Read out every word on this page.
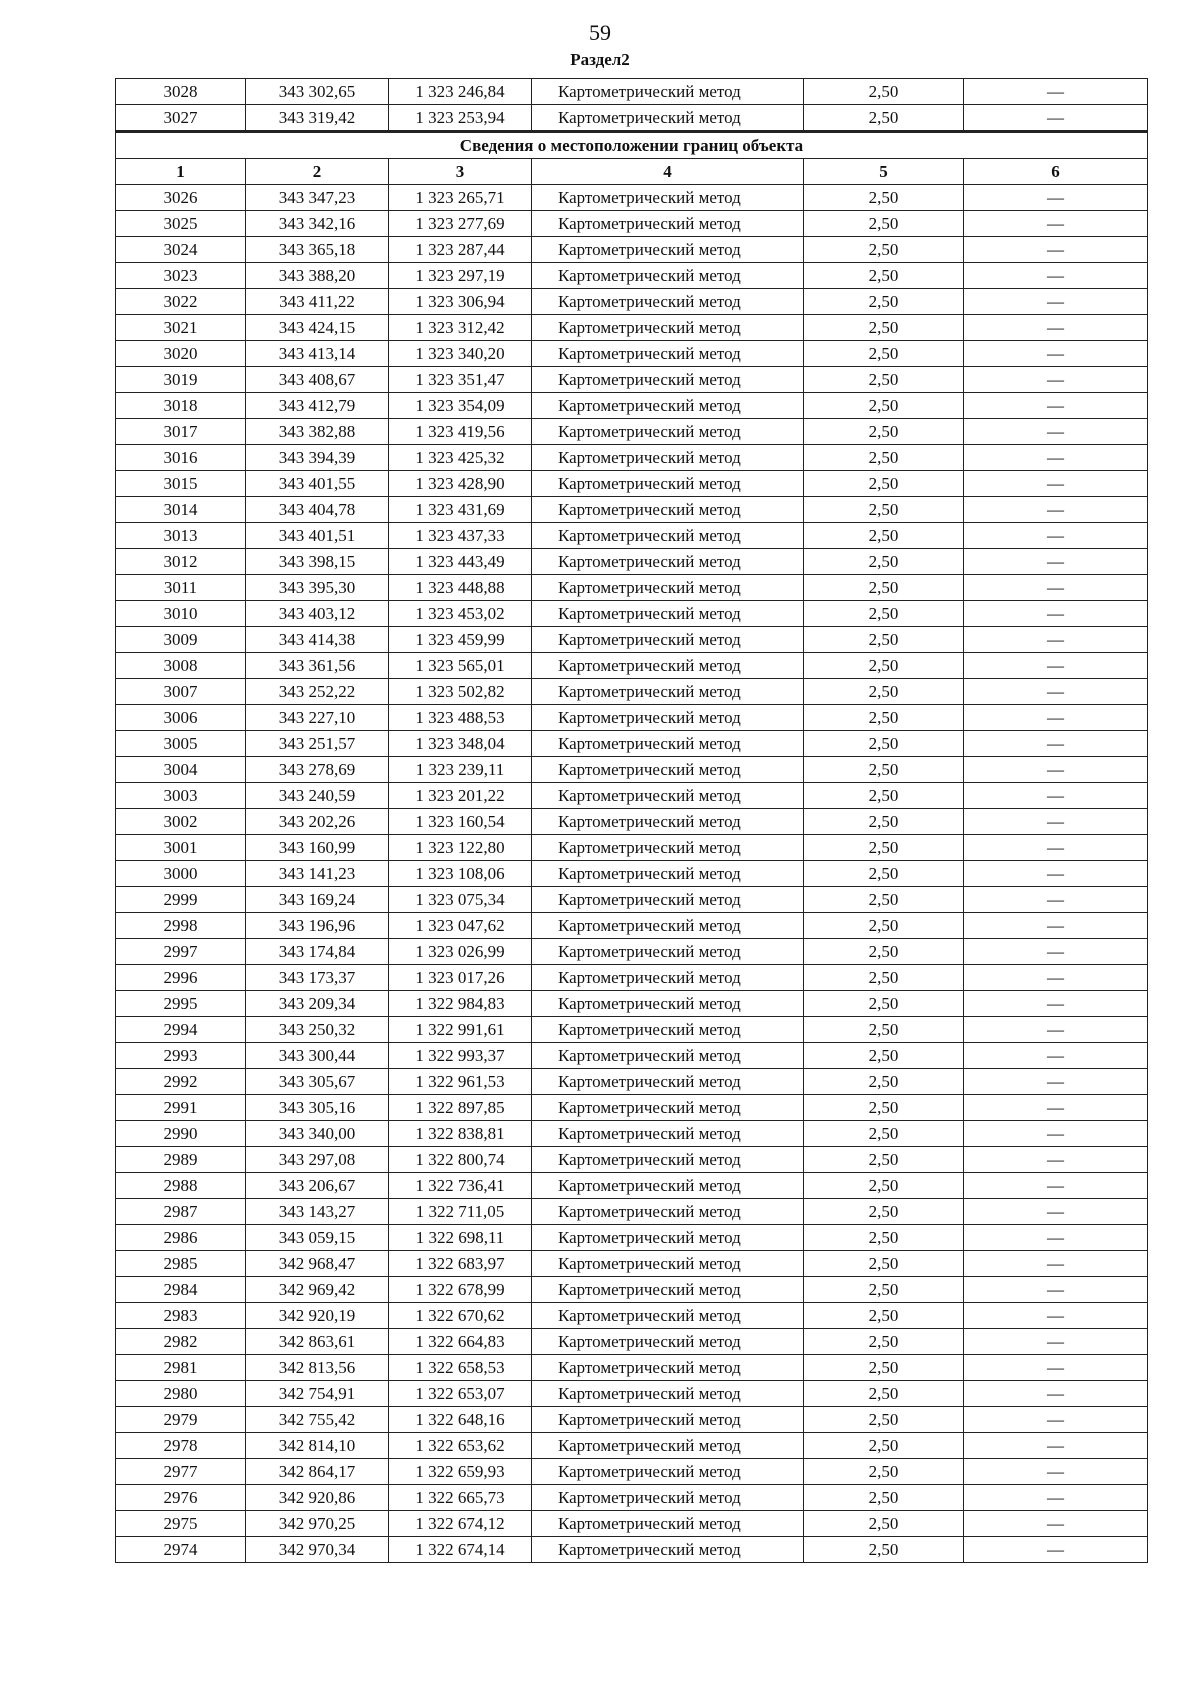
59
Раздел2
3028	343 302,65	1 323 246,84	Картометрический метод	2,50	—
3027	343 319,42	1 323 253,94	Картометрический метод	2,50	—
Сведения о местоположении границ объекта					
1	2	3	4	5	6
3026	343 347,23	1 323 265,71	Картометрический метод	2,50	—
3025	343 342,16	1 323 277,69	Картометрический метод	2,50	—
3024	343 365,18	1 323 287,44	Картометрический метод	2,50	—
3023	343 388,20	1 323 297,19	Картометрический метод	2,50	—
3022	343 411,22	1 323 306,94	Картометрический метод	2,50	—
3021	343 424,15	1 323 312,42	Картометрический метод	2,50	—
3020	343 413,14	1 323 340,20	Картометрический метод	2,50	—
3019	343 408,67	1 323 351,47	Картометрический метод	2,50	—
3018	343 412,79	1 323 354,09	Картометрический метод	2,50	—
3017	343 382,88	1 323 419,56	Картометрический метод	2,50	—
3016	343 394,39	1 323 425,32	Картометрический метод	2,50	—
3015	343 401,55	1 323 428,90	Картометрический метод	2,50	—
3014	343 404,78	1 323 431,69	Картометрический метод	2,50	—
3013	343 401,51	1 323 437,33	Картометрический метод	2,50	—
3012	343 398,15	1 323 443,49	Картометрический метод	2,50	—
3011	343 395,30	1 323 448,88	Картометрический метод	2,50	—
3010	343 403,12	1 323 453,02	Картометрический метод	2,50	—
3009	343 414,38	1 323 459,99	Картометрический метод	2,50	—
3008	343 361,56	1 323 565,01	Картометрический метод	2,50	—
3007	343 252,22	1 323 502,82	Картометрический метод	2,50	—
3006	343 227,10	1 323 488,53	Картометрический метод	2,50	—
3005	343 251,57	1 323 348,04	Картометрический метод	2,50	—
3004	343 278,69	1 323 239,11	Картометрический метод	2,50	—
3003	343 240,59	1 323 201,22	Картометрический метод	2,50	—
3002	343 202,26	1 323 160,54	Картометрический метод	2,50	—
3001	343 160,99	1 323 122,80	Картометрический метод	2,50	—
3000	343 141,23	1 323 108,06	Картометрический метод	2,50	—
2999	343 169,24	1 323 075,34	Картометрический метод	2,50	—
2998	343 196,96	1 323 047,62	Картометрический метод	2,50	—
2997	343 174,84	1 323 026,99	Картометрический метод	2,50	—
2996	343 173,37	1 323 017,26	Картометрический метод	2,50	—
2995	343 209,34	1 322 984,83	Картометрический метод	2,50	—
2994	343 250,32	1 322 991,61	Картометрический метод	2,50	—
2993	343 300,44	1 322 993,37	Картометрический метод	2,50	—
2992	343 305,67	1 322 961,53	Картометрический метод	2,50	—
2991	343 305,16	1 322 897,85	Картометрический метод	2,50	—
2990	343 340,00	1 322 838,81	Картометрический метод	2,50	—
2989	343 297,08	1 322 800,74	Картометрический метод	2,50	—
2988	343 206,67	1 322 736,41	Картометрический метод	2,50	—
2987	343 143,27	1 322 711,05	Картометрический метод	2,50	—
2986	343 059,15	1 322 698,11	Картометрический метод	2,50	—
2985	342 968,47	1 322 683,97	Картометрический метод	2,50	—
2984	342 969,42	1 322 678,99	Картометрический метод	2,50	—
2983	342 920,19	1 322 670,62	Картометрический метод	2,50	—
2982	342 863,61	1 322 664,83	Картометрический метод	2,50	—
2981	342 813,56	1 322 658,53	Картометрический метод	2,50	—
2980	342 754,91	1 322 653,07	Картометрический метод	2,50	—
2979	342 755,42	1 322 648,16	Картометрический метод	2,50	—
2978	342 814,10	1 322 653,62	Картометрический метод	2,50	—
2977	342 864,17	1 322 659,93	Картометрический метод	2,50	—
2976	342 920,86	1 322 665,73	Картометрический метод	2,50	—
2975	342 970,25	1 322 674,12	Картометрический метод	2,50	—
2974	342 970,34	1 322 674,14	Картометрический метод	2,50	—
